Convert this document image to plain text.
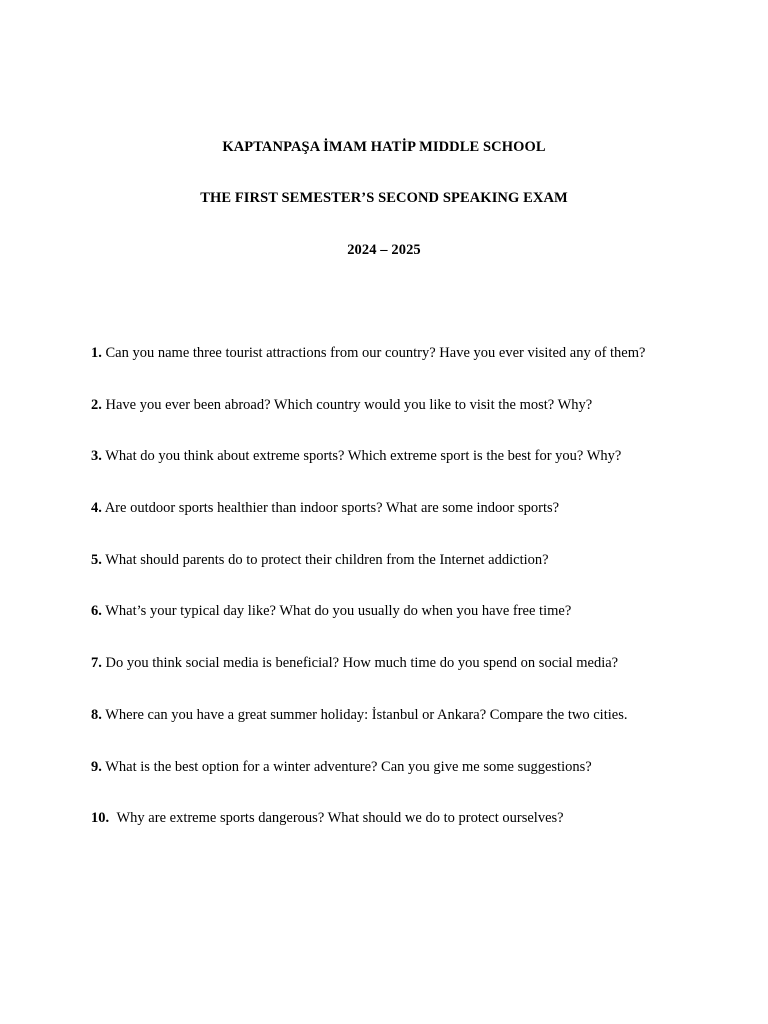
KAPTANPAŞA İMAM HATİP MIDDLE SCHOOL
THE FIRST SEMESTER’S SECOND SPEAKING EXAM
2024 – 2025
1. Can you name three tourist attractions from our country? Have you ever visited any of them?
2. Have you ever been abroad? Which country would you like to visit the most? Why?
3. What do you think about extreme sports? Which extreme sport is the best for you? Why?
4. Are outdoor sports healthier than indoor sports? What are some indoor sports?
5. What should parents do to protect their children from the Internet addiction?
6. What’s your typical day like? What do you usually do when you have free time?
7. Do you think social media is beneficial? How much time do you spend on social media?
8. Where can you have a great summer holiday: İstanbul or Ankara? Compare the two cities.
9. What is the best option for a winter adventure? Can you give me some suggestions?
10. Why are extreme sports dangerous? What should we do to protect ourselves?
